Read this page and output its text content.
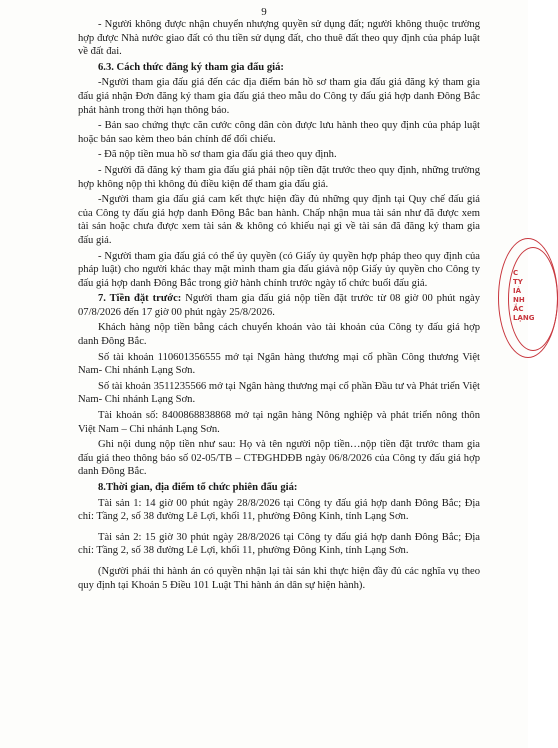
9

- Người không được nhận chuyển nhượng quyền sử dụng đất; người không thuộc trường hợp được Nhà nước giao đất có thu tiền sử dụng đất, cho thuê đất theo quy định của pháp luật về đất đai.

6.3. Cách thức đăng ký tham gia đấu giá:

-Người tham gia đấu giá đến các địa điểm bán hồ sơ tham gia đấu giá đăng ký tham gia đấu giá nhận Đơn đăng ký tham gia đấu giá theo mẫu do Công ty đấu giá hợp danh Đông Bắc phát hành trong thời hạn thông báo.

- Bản sao chứng thực căn cước công dân còn được lưu hành theo quy định của pháp luật hoặc bản sao kèm theo bản chính để đối chiếu.

- Đã nộp tiền mua hồ sơ tham gia đấu giá theo quy định.

- Người đã đăng ký tham gia đấu giá phải nộp tiền đặt trước theo quy định, những trường hợp không nộp thì không đủ điều kiện để tham gia đấu giá.

-Người tham gia đấu giá cam kết thực hiện đầy đủ những quy định tại Quy chế đấu giá của Công ty đấu giá hợp danh Đông Bắc ban hành. Chấp nhận mua tài sản như đã được xem tài sản hoặc chưa được xem tài sản & không có khiếu nại gì về tài sản đã đăng ký tham gia đấu giá.

- Người tham gia đấu giá có thể ủy quyền (có Giấy ủy quyền hợp pháp theo quy định của pháp luật) cho người khác thay mặt mình tham gia đấu giávà nộp Giấy ủy quyền cho Công ty đấu giá hợp danh Đông Bắc trong giờ hành chính trước ngày tổ chức buổi đấu giá.

7. Tiền đặt trước: Người tham gia đấu giá nộp tiền đặt trước từ 08 giờ 00 phút ngày 07/8/2026 đến 17 giờ 00 phút ngày 25/8/2026.

Khách hàng nộp tiền bằng cách chuyển khoản vào tài khoản của Công ty đấu giá hợp danh Đông Bắc.

Số tài khoản 110601356555 mở tại Ngân hàng thương mại cổ phần Công thương Việt Nam- Chi nhánh Lạng Sơn.

Số tài khoản 3511235566 mở tại Ngân hàng thương mại cổ phần Đầu tư và Phát triển Việt Nam- Chi nhánh Lạng Sơn.

Tài khoản số: 8400868838868 mở tại ngân hàng Nông nghiệp và phát triển nông thôn Việt Nam – Chi nhánh Lạng Sơn.

Ghi nội dung nộp tiền như sau: Họ và tên người nộp tiền…nộp tiền đặt trước tham gia đấu giá theo thông báo số 02-05/TB – CTĐGHDĐB ngày 06/8/2026 của Công ty đấu giá hợp danh Đông Bắc.

8.Thời gian, địa điểm tổ chức phiên đấu giá:

Tài sản 1: 14 giờ 00 phút ngày 28/8/2026 tại Công ty đấu giá hợp danh Đông Bắc; Địa chỉ: Tầng 2, số 38 đường Lê Lợi, khối 11, phường Đông Kinh, tỉnh Lạng Sơn.

Tài sản 2: 15 giờ 30 phút ngày 28/8/2026 tại Công ty đấu giá hợp danh Đông Bắc; Địa chỉ: Tầng 2, số 38 đường Lê Lợi, khối 11, phường Đông Kinh, tỉnh Lạng Sơn.

(Người phải thi hành án có quyền nhận lại tài sản khi thực hiện đầy đủ các nghĩa vụ theo quy định tại Khoản 5 Điều 101 Luật Thi hành án dân sự hiện hành).

C
TY
IÁ
NH
ẮC
LẠNG
